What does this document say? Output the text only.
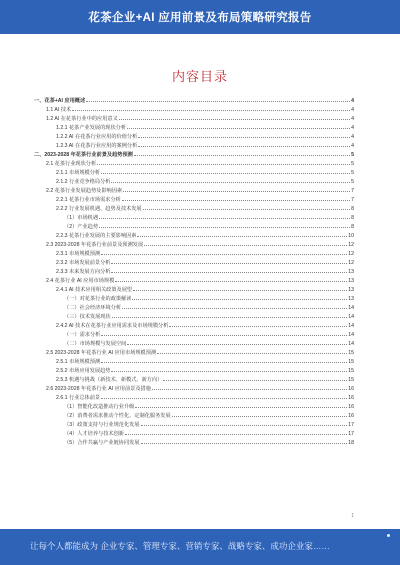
花茶企业+AI 应用前景及布局策略研究报告
内容目录
一、花茶+AI 应用概述	4
1.1 AI 技术	4
1.2 AI 在花茶行业中的应用意义	4
1.2.1 花茶产业发展的现状分析	4
1.2.2 AI 在花茶行业应用的价值分析	4
1.2.3 AI 在花茶行业应用的案例分析	4
二、2023-2028 年花茶行业前景及趋势预测	5
2.1 花茶行业现状分析	5
2.1.1 市场规模分析	5
2.1.2 行业竞争格局分析	5
2.2 花茶行业发展趋势及影响因素	7
2.2.1 花茶行业市场需求分析	7
2.2.2 行业发展机遇、趋势及技术发展	8
（1）市场机遇	8
（2）产业趋势	8
2.2.3 花茶行业发展的主要影响因素	10
2.3 2023-2028 年花茶行业前景及预测发展	12
2.3.1 市场规模预测	12
2.3.2 市场发展前景分析	12
2.3.3 未来发展方向分析	13
2.4 花茶行业 AI 应用市场规模	13
2.4.1 AI 技术应用相关政策及展望	13
（一）对花茶行业的政策解读	13
（二）社会经济环境分析	14
（三）技术发展现状	14
2.4.2 AI 技术在花茶行业应用需求及市场规模分析	14
（一）需求分析	14
（二）市场规模与发展空间	14
2.5 2023-2028 年花茶行业 AI 应用市场规模预测	15
2.5.1 市场规模预测	15
2.5.2 市场应用发展趋势	15
2.5.3 机遇与挑战（新技术、新模式、新方向）	15
2.6 2023-2028 年花茶行业 AI 应用前景及措施	16
2.6.1 行业总体前景	16
（1）智能化改造推动行业升级	16
（2）消费者需求推动个性化、定制化服务发展	16
（3）政策支持与行业规范化发展	17
（4）人才培养与技术创新	17
（5）合作共赢与产业链协同发展	18
1
让每个人都能成为 企业专家、管理专家、营销专家、战略专家、成功企业家……
